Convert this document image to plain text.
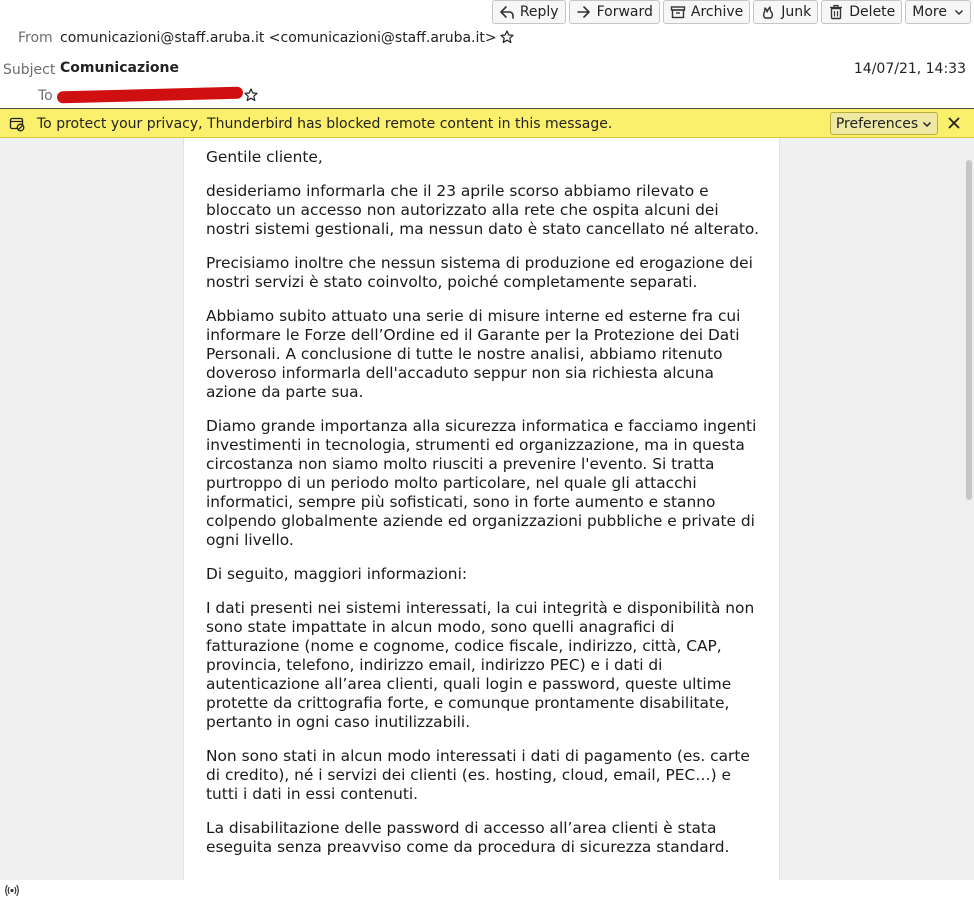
Reply	Forward	Archive	Junk	Delete More
From comunicazioni@staff.aruba.it <comunicazioni@staff.aruba.it>
Subject Comunicazione	14/07/21, 14:33
To
To protect your privacy, Thunderbird has blocked remote content in this message.	Preferences

Gentile cliente,

desideriamo informarla che il 23 aprile scorso abbiamo rilevato e bloccato un accesso non autorizzato alla rete che ospita alcuni dei nostri sistemi gestionali, ma nessun dato è stato cancellato né alterato.

Precisiamo inoltre che nessun sistema di produzione ed erogazione dei nostri servizi è stato coinvolto, poiché completamente separati.

Abbiamo subito attuato una serie di misure interne ed esterne fra cui informare le Forze dell’Ordine ed il Garante per la Protezione dei Dati Personali. A conclusione di tutte le nostre analisi, abbiamo ritenuto doveroso informarla dell'accaduto seppur non sia richiesta alcuna azione da parte sua.

Diamo grande importanza alla sicurezza informatica e facciamo ingenti investimenti in tecnologia, strumenti ed organizzazione, ma in questa circostanza non siamo molto riusciti a prevenire l'evento. Si tratta purtroppo di un periodo molto particolare, nel quale gli attacchi informatici, sempre più sofisticati, sono in forte aumento e stanno colpendo globalmente aziende ed organizzazioni pubbliche e private di ogni livello.

Di seguito, maggiori informazioni:

I dati presenti nei sistemi interessati, la cui integrità e disponibilità non sono state impattate in alcun modo, sono quelli anagrafici di fatturazione (nome e cognome, codice fiscale, indirizzo, città, CAP, provincia, telefono, indirizzo email, indirizzo PEC) e i dati di autenticazione all’area clienti, quali login e password, queste ultime protette da crittografia forte, e comunque prontamente disabilitate, pertanto in ogni caso inutilizzabili.

Non sono stati in alcun modo interessati i dati di pagamento (es. carte di credito), né i servizi dei clienti (es. hosting, cloud, email, PEC…) e tutti i dati in essi contenuti.

La disabilitazione delle password di accesso all’area clienti è stata eseguita senza preavviso come da procedura di sicurezza standard.
